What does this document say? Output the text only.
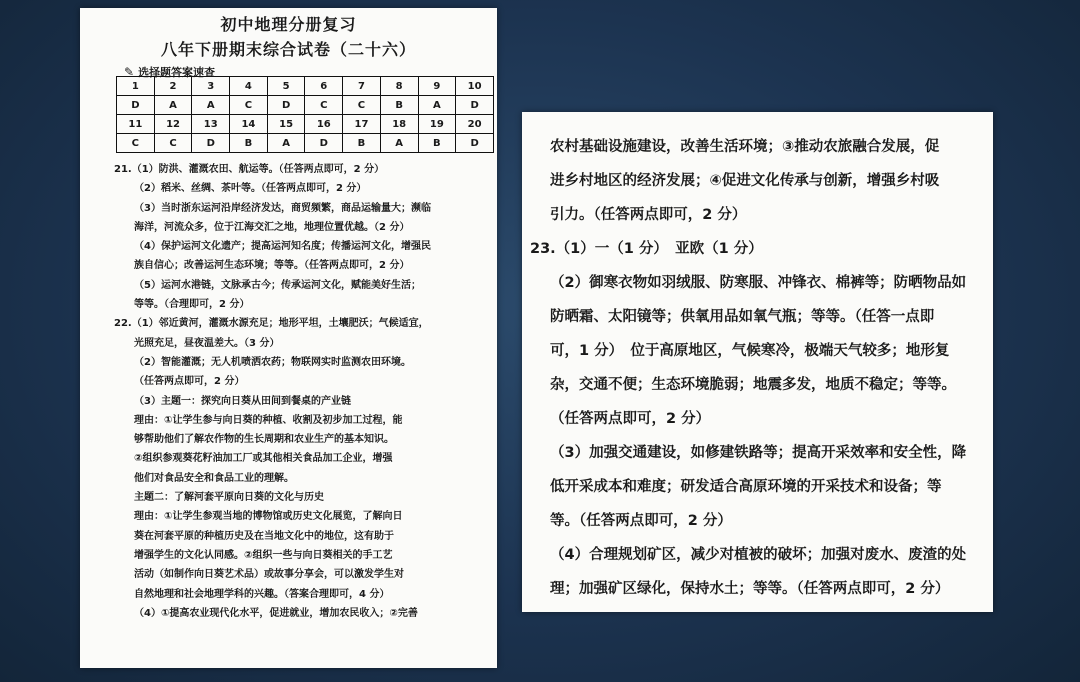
初中地理分册复习
八年下册期末综合试卷（二十六）
✎ 选择题答案速查
1	2	3	4	5	6	7	8	9	10
D	A	A	C	D	C	C	B	A	D
11	12	13	14	15	16	17	18	19	20
C	C	D	B	A	D	B	A	B	D

21.（1）防洪、灌溉农田、航运等。（任答两点即可，2 分）

（2）稻米、丝绸、茶叶等。（任答两点即可，2 分）

（3）当时浙东运河沿岸经济发达，商贸频繁，商品运输量大；濒临

海洋，河流众多，位于江海交汇之地，地理位置优越。（2 分）

（4）保护运河文化遗产；提高运河知名度；传播运河文化，增强民

族自信心；改善运河生态环境；等等。（任答两点即可，2 分）

（5）运河水港链，文脉承古今；传承运河文化，赋能美好生活；

等等。（合理即可，2 分）

22.（1）邻近黄河，灌溉水源充足；地形平坦，土壤肥沃；气候适宜，

光照充足，昼夜温差大。（3 分）

（2）智能灌溉；无人机喷洒农药；物联网实时监测农田环境。

（任答两点即可，2 分）

（3）主题一：探究向日葵从田间到餐桌的产业链

理由：①让学生参与向日葵的种植、收割及初步加工过程，能

够帮助他们了解农作物的生长周期和农业生产的基本知识。

②组织参观葵花籽油加工厂或其他相关食品加工企业，增强

他们对食品安全和食品工业的理解。

主题二：了解河套平原向日葵的文化与历史

理由：①让学生参观当地的博物馆或历史文化展览，了解向日

葵在河套平原的种植历史及在当地文化中的地位，这有助于

增强学生的文化认同感。②组织一些与向日葵相关的手工艺

活动（如制作向日葵艺术品）或故事分享会，可以激发学生对

自然地理和社会地理学科的兴趣。（答案合理即可，4 分）

（4）①提高农业现代化水平，促进就业，增加农民收入；②完善

农村基础设施建设，改善生活环境；③推动农旅融合发展，促

进乡村地区的经济发展；④促进文化传承与创新，增强乡村吸

引力。（任答两点即可，2 分）

23.（1）一（1 分）　亚欧（1 分）

（2）御寒衣物如羽绒服、防寒服、冲锋衣、棉裤等；防晒物品如

防晒霜、太阳镜等；供氧用品如氧气瓶；等等。（任答一点即

可，1 分）　位于高原地区，气候寒冷，极端天气较多；地形复

杂，交通不便；生态环境脆弱；地震多发，地质不稳定；等等。

（任答两点即可，2 分）

（3）加强交通建设，如修建铁路等；提高开采效率和安全性，降

低开采成本和难度；研发适合高原环境的开采技术和设备；等

等。（任答两点即可，2 分）

（4）合理规划矿区，减少对植被的破坏；加强对废水、废渣的处

理；加强矿区绿化，保持水土；等等。（任答两点即可，2 分）
